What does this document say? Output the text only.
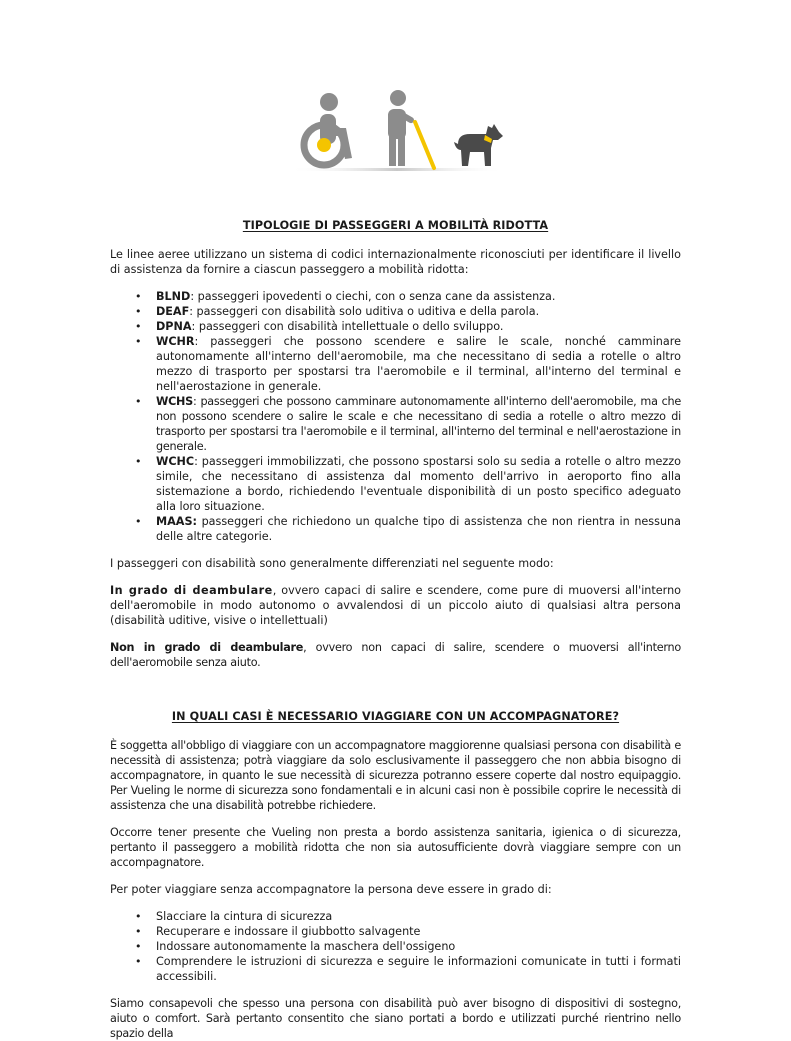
TIPOLOGIE DI PASSEGGERI A MOBILITÀ RIDOTTA

Le linee aeree utilizzano un sistema di codici internazionalmente riconosciuti per identificare il livello di assistenza da fornire a ciascun passeggero a mobilità ridotta:

• BLND: passeggeri ipovedenti o ciechi, con o senza cane da assistenza.
• DEAF: passeggeri con disabilità solo uditiva o uditiva e della parola.
• DPNA: passeggeri con disabilità intellettuale o dello sviluppo.
• WCHR: passeggeri che possono scendere e salire le scale, nonché camminare autonomamente all'interno dell'aeromobile, ma che necessitano di sedia a rotelle o altro mezzo di trasporto per spostarsi tra l'aeromobile e il terminal, all'interno del terminal e nell'aerostazione in generale.
• WCHS: passeggeri che possono camminare autonomamente all'interno dell'aeromobile, ma che non possono scendere o salire le scale e che necessitano di sedia a rotelle o altro mezzo di trasporto per spostarsi tra l'aeromobile e il terminal, all'interno del terminal e nell'aerostazione in generale.
• WCHC: passeggeri immobilizzati, che possono spostarsi solo su sedia a rotelle o altro mezzo simile, che necessitano di assistenza dal momento dell'arrivo in aeroporto fino alla sistemazione a bordo, richiedendo l'eventuale disponibilità di un posto specifico adeguato alla loro situazione.
• MAAS: passeggeri che richiedono un qualche tipo di assistenza che non rientra in nessuna delle altre categorie.

I passeggeri con disabilità sono generalmente differenziati nel seguente modo:

In grado di deambulare, ovvero capaci di salire e scendere, come pure di muoversi all'interno dell'aeromobile in modo autonomo o avvalendosi di un piccolo aiuto di qualsiasi altra persona (disabilità uditive, visive o intellettuali)

Non in grado di deambulare, ovvero non capaci di salire, scendere o muoversi all'interno dell'aeromobile senza aiuto.

IN QUALI CASI È NECESSARIO VIAGGIARE CON UN ACCOMPAGNATORE?

È soggetta all'obbligo di viaggiare con un accompagnatore maggiorenne qualsiasi persona con disabilità e necessità di assistenza; potrà viaggiare da solo esclusivamente il passeggero che non abbia bisogno di accompagnatore, in quanto le sue necessità di sicurezza potranno essere coperte dal nostro equipaggio. Per Vueling le norme di sicurezza sono fondamentali e in alcuni casi non è possibile coprire le necessità di assistenza che una disabilità potrebbe richiedere.

Occorre tener presente che Vueling non presta a bordo assistenza sanitaria, igienica o di sicurezza, pertanto il passeggero a mobilità ridotta che non sia autosufficiente dovrà viaggiare sempre con un accompagnatore.

Per poter viaggiare senza accompagnatore la persona deve essere in grado di:

• Slacciare la cintura di sicurezza
• Recuperare e indossare il giubbotto salvagente
• Indossare autonomamente la maschera dell'ossigeno
• Comprendere le istruzioni di sicurezza e seguire le informazioni comunicate in tutti i formati accessibili.

Siamo consapevoli che spesso una persona con disabilità può aver bisogno di dispositivi di sostegno, aiuto o comfort. Sarà pertanto consentito che siano portati a bordo e utilizzati purché rientrino nello spazio della
